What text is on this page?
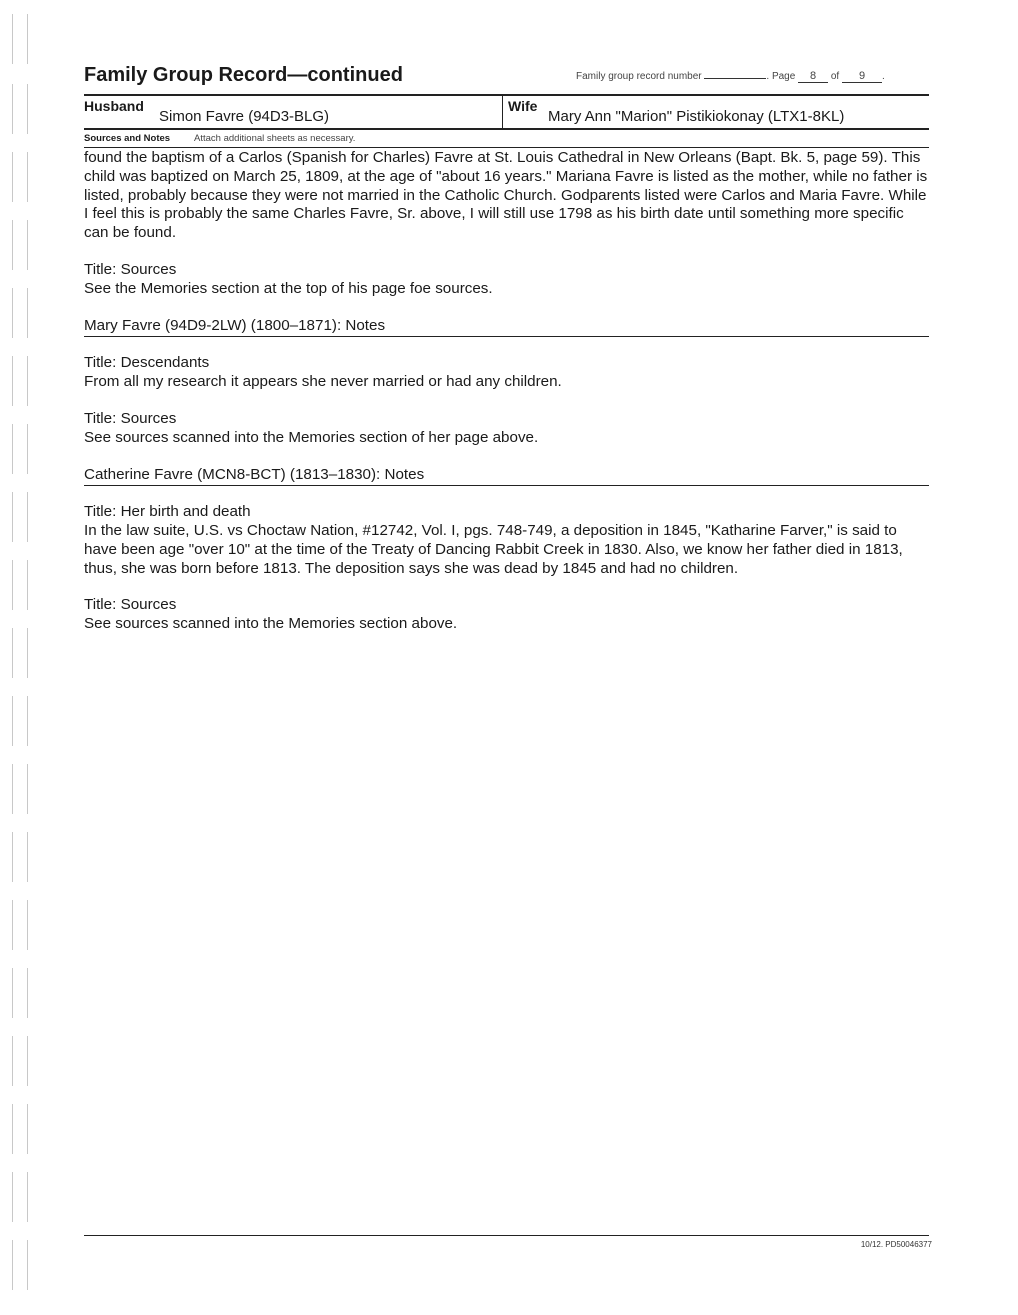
Family Group Record—continued	Family group record number	. Page 8 of 9 .
Husband
Simon Favre (94D3-BLG)
Wife
Mary Ann "Marion" Pistikiokonay (LTX1-8KL)
Sources and Notes	Attach additional sheets as necessary.
found the baptism of a Carlos (Spanish for Charles) Favre at St. Louis Cathedral in New Orleans (Bapt. Bk. 5, page 59). This child was baptized on March 25, 1809, at the age of "about 16 years." Mariana Favre is listed as the mother, while no father is listed, probably because they were not married in the Catholic Church. Godparents listed were Carlos and Maria Favre. While I feel this is probably the same Charles Favre, Sr. above, I will still use 1798 as his birth date until something more specific can be found.
Title: Sources
See the Memories section at the top of his page foe sources.
Mary Favre (94D9-2LW) (1800–1871): Notes
Title: Descendants
From all my research it appears she never married or had any children.
Title: Sources
See sources scanned into the Memories section of her page above.
Catherine Favre (MCN8-BCT) (1813–1830): Notes
Title: Her birth and death
In the law suite, U.S. vs Choctaw Nation, #12742, Vol. I, pgs. 748-749, a deposition in 1845, "Katharine Farver," is said to have been age "over 10" at the time of the Treaty of Dancing Rabbit Creek in 1830. Also, we know her father died in 1813, thus, she was born before 1813. The deposition says she was dead by 1845 and had no children.
Title: Sources
See sources scanned into the Memories section above.
10/12. PD50046377
